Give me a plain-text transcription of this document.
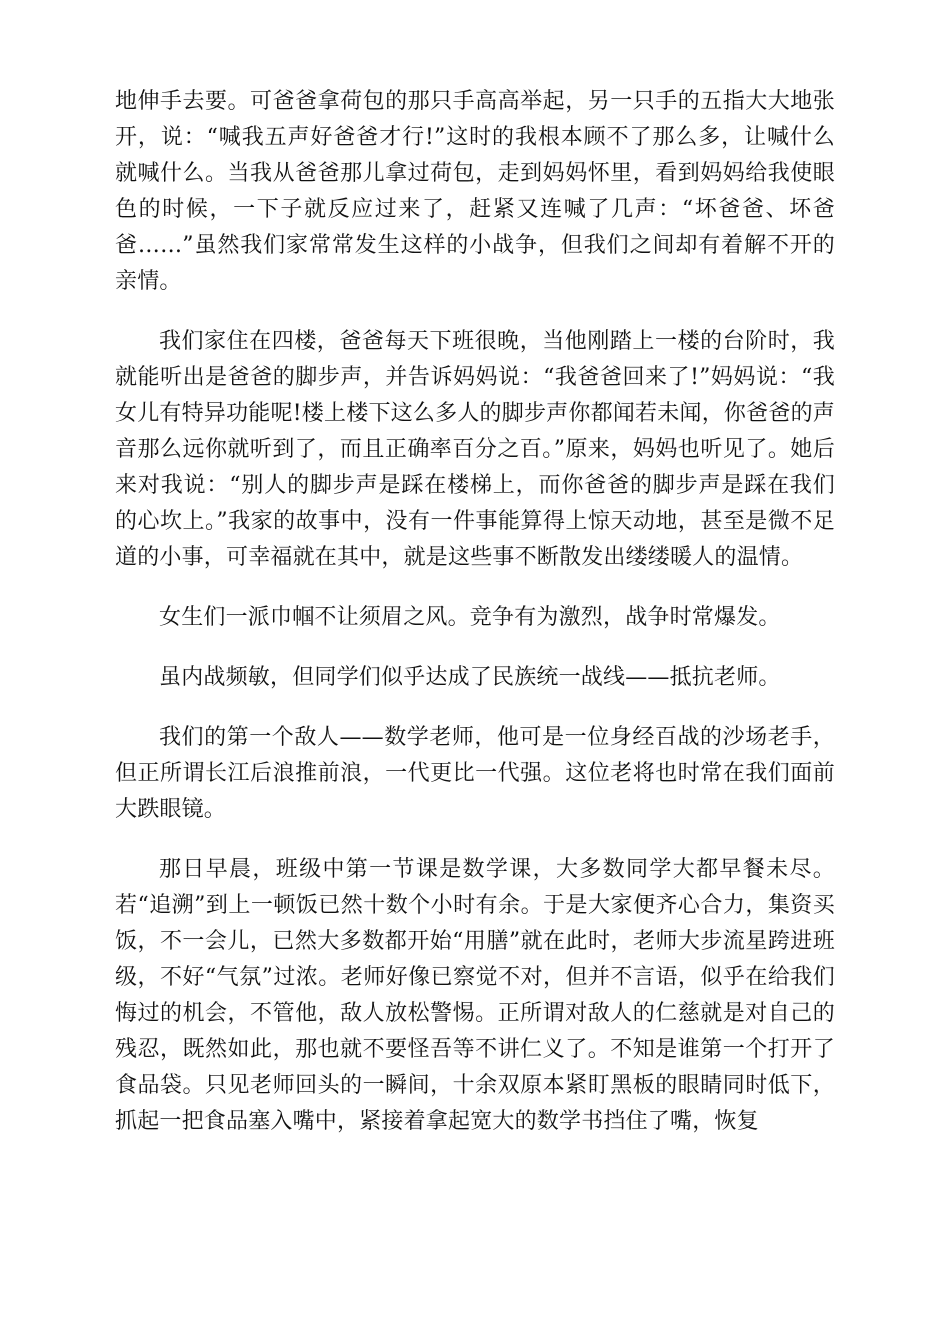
地伸手去要。可爸爸拿荷包的那只手高高举起，另一只手的五指大大地张开，说：“喊我五声好爸爸才行!”这时的我根本顾不了那么多，让喊什么就喊什么。当我从爸爸那儿拿过荷包，走到妈妈怀里，看到妈妈给我使眼色的时候，一下子就反应过来了，赶紧又连喊了几声：“坏爸爸、坏爸爸……”虽然我们家常常发生这样的小战争，但我们之间却有着解不开的亲情。

我们家住在四楼，爸爸每天下班很晚，当他刚踏上一楼的台阶时，我就能听出是爸爸的脚步声，并告诉妈妈说：“我爸爸回来了!”妈妈说：“我女儿有特异功能呢!楼上楼下这么多人的脚步声你都闻若未闻，你爸爸的声音那么远你就听到了，而且正确率百分之百。”原来，妈妈也听见了。她后来对我说：“别人的脚步声是踩在楼梯上，而你爸爸的脚步声是踩在我们的心坎上。”我家的故事中，没有一件事能算得上惊天动地，甚至是微不足道的小事，可幸福就在其中，就是这些事不断散发出缕缕暖人的温情。

女生们一派巾帼不让须眉之风。竞争有为激烈，战争时常爆发。

虽内战频敏，但同学们似乎达成了民族统一战线——抵抗老师。

我们的第一个敌人——数学老师，他可是一位身经百战的沙场老手，但正所谓长江后浪推前浪，一代更比一代强。这位老将也时常在我们面前大跌眼镜。

那日早晨，班级中第一节课是数学课，大多数同学大都早餐未尽。若“追溯”到上一顿饭已然十数个小时有余。于是大家便齐心合力，集资买饭，不一会儿，已然大多数都开始“用膳”就在此时，老师大步流星跨进班级，不好“气氛”过浓。老师好像已察觉不对，但并不言语，似乎在给我们悔过的机会，不管他，敌人放松警惕。正所谓对敌人的仁慈就是对自己的残忍，既然如此，那也就不要怪吾等不讲仁义了。不知是谁第一个打开了食品袋。只见老师回头的一瞬间，十余双原本紧盯黑板的眼睛同时低下，抓起一把食品塞入嘴中，紧接着拿起宽大的数学书挡住了嘴，恢复
